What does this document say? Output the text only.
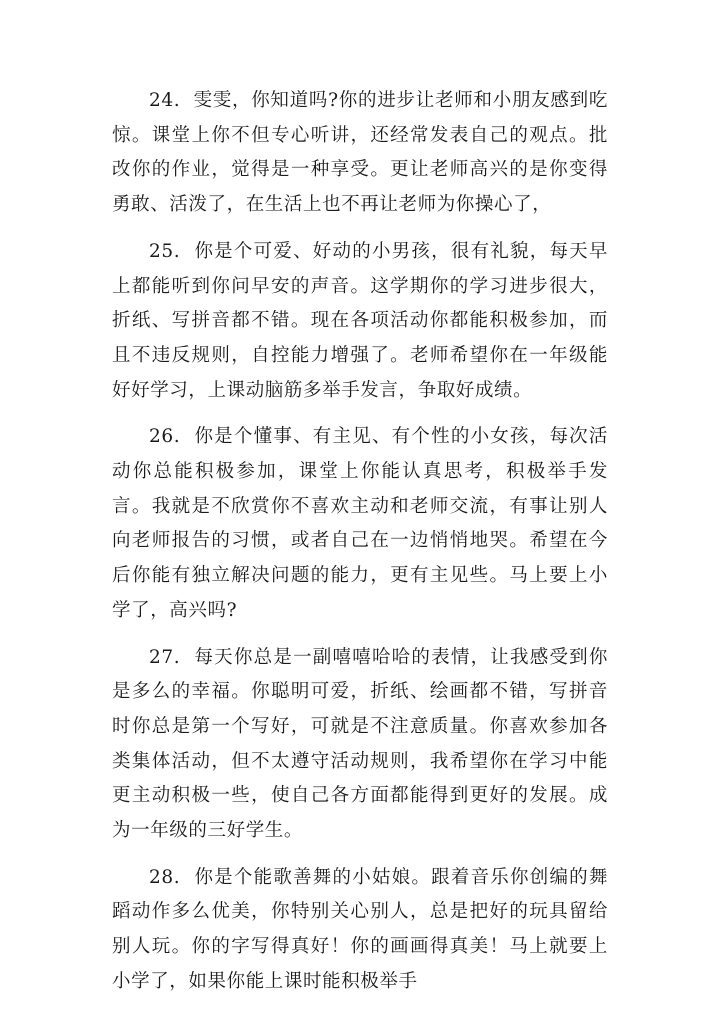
24. 雯雯，你知道吗?你的进步让老师和小朋友感到吃惊。课堂上你不但专心听讲，还经常发表自己的观点。批改你的作业，觉得是一种享受。更让老师高兴的是你变得勇敢、活泼了，在生活上也不再让老师为你操心了，

25. 你是个可爱、好动的小男孩，很有礼貌，每天早上都能听到你问早安的声音。这学期你的学习进步很大，折纸、写拼音都不错。现在各项活动你都能积极参加，而且不违反规则，自控能力增强了。老师希望你在一年级能好好学习，上课动脑筋多举手发言，争取好成绩。

26. 你是个懂事、有主见、有个性的小女孩，每次活动你总能积极参加，课堂上你能认真思考，积极举手发言。我就是不欣赏你不喜欢主动和老师交流，有事让别人向老师报告的习惯，或者自己在一边悄悄地哭。希望在今后你能有独立解决问题的能力，更有主见些。马上要上小学了，高兴吗?

27. 每天你总是一副嘻嘻哈哈的表情，让我感受到你是多么的幸福。你聪明可爱，折纸、绘画都不错，写拼音时你总是第一个写好，可就是不注意质量。你喜欢参加各类集体活动，但不太遵守活动规则，我希望你在学习中能更主动积极一些，使自己各方面都能得到更好的发展。成为一年级的三好学生。

28. 你是个能歌善舞的小姑娘。跟着音乐你创编的舞蹈动作多么优美，你特别关心别人，总是把好的玩具留给别人玩。你的字写得真好！你的画画得真美！马上就要上小学了，如果你能上课时能积极举手
